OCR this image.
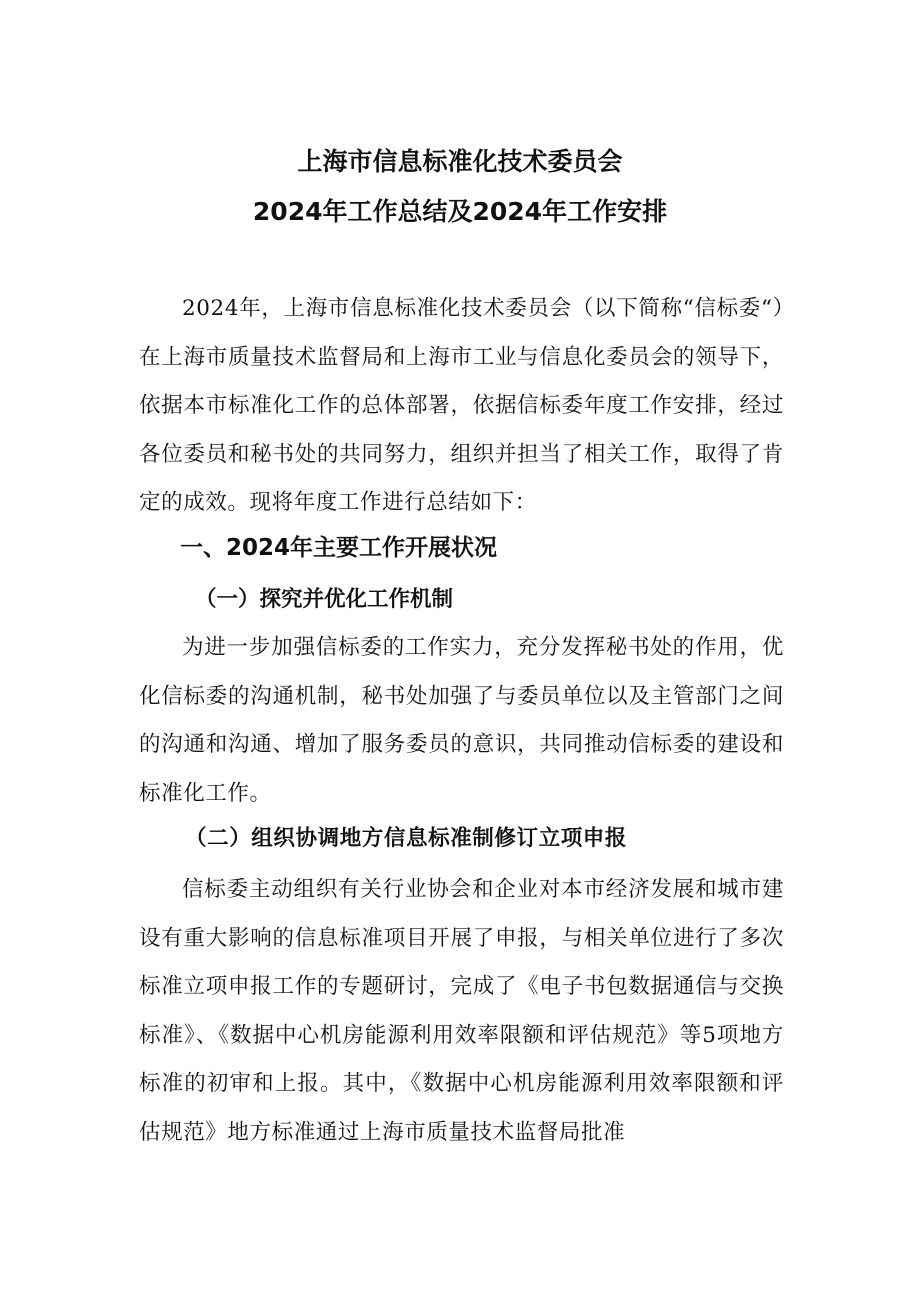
上海市信息标准化技术委员会
2024年工作总结及2024年工作安排

2024年，上海市信息标准化技术委员会（以下简称“信标委“）在上海市质量技术监督局和上海市工业与信息化委员会的领导下，依据本市标准化工作的总体部署，依据信标委年度工作安排，经过各位委员和秘书处的共同努力，组织并担当了相关工作，取得了肯定的成效。现将年度工作进行总结如下：

一、2024年主要工作开展状况
（一）探究并优化工作机制

为进一步加强信标委的工作实力，充分发挥秘书处的作用，优化信标委的沟通机制，秘书处加强了与委员单位以及主管部门之间的沟通和沟通、增加了服务委员的意识，共同推动信标委的建设和标准化工作。

（二）组织协调地方信息标准制修订立项申报

信标委主动组织有关行业协会和企业对本市经济发展和城市建设有重大影响的信息标准项目开展了申报，与相关单位进行了多次标准立项申报工作的专题研讨，完成了《电子书包数据通信与交换标准》、《数据中心机房能源利用效率限额和评估规范》等5项地方标准的初审和上报。其中，《数据中心机房能源利用效率限额和评估规范》地方标准通过上海市质量技术监督局批准
